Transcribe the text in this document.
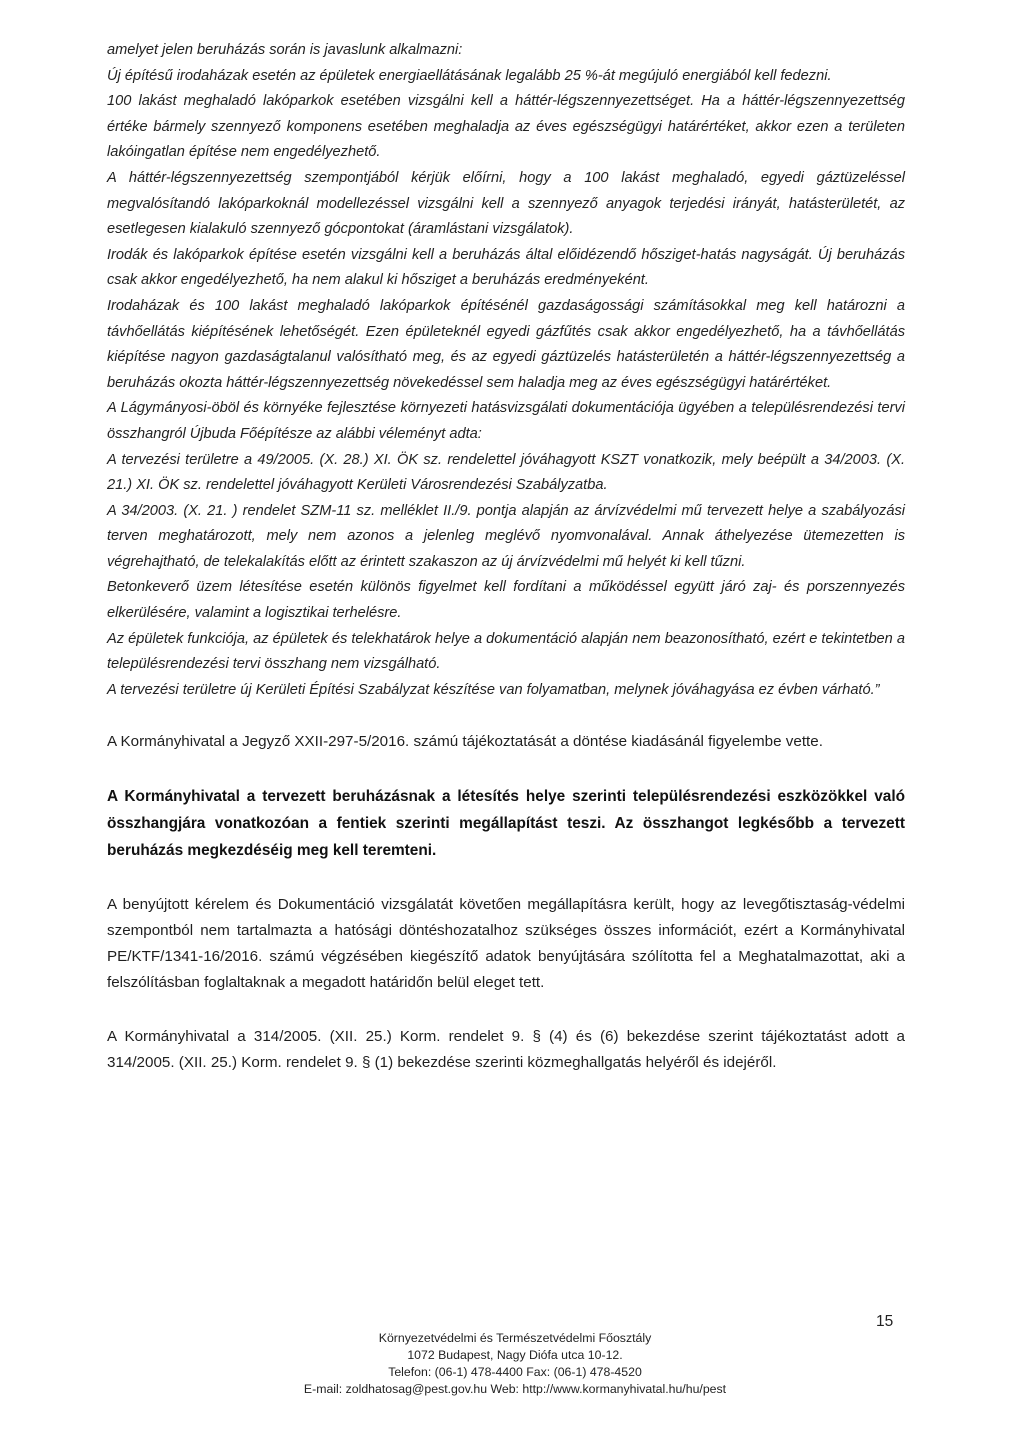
amelyet jelen beruházás során is javaslunk alkalmazni:

Új építésű irodaházak esetén az épületek energiaellátásának legalább 25 %-át megújuló energiából kell fedezni.

100 lakást meghaladó lakóparkok esetében vizsgálni kell a háttér-légszennyezettséget. Ha a háttér-légszennyezettség értéke bármely szennyező komponens esetében meghaladja az éves egészségügyi határértéket, akkor ezen a területen lakóingatlan építése nem engedélyezhető.

A háttér-légszennyezettség szempontjából kérjük előírni, hogy a 100 lakást meghaladó, egyedi gáztüzeléssel megvalósítandó lakóparkoknál modellezéssel vizsgálni kell a szennyező anyagok terjedési irányát, hatásterületét, az esetlegesen kialakuló szennyező gócpontokat (áramlástani vizsgálatok).

Irodák és lakóparkok építése esetén vizsgálni kell a beruházás által előidézendő hősziget-hatás nagyságát. Új beruházás csak akkor engedélyezhető, ha nem alakul ki hősziget a beruházás eredményeként.

Irodaházak és 100 lakást meghaladó lakóparkok építésénél gazdaságossági számításokkal meg kell határozni a távhőellátás kiépítésének lehetőségét. Ezen épületeknél egyedi gázfűtés csak akkor engedélyezhető, ha a távhőellátás kiépítése nagyon gazdaságtalanul valósítható meg, és az egyedi gáztüzelés hatásterületén a háttér-légszennyezettség a beruházás okozta háttér-légszennyezettség növekedéssel sem haladja meg az éves egészségügyi határértéket.

A Lágymányosi-öböl és környéke fejlesztése környezeti hatásvizsgálati dokumentációja ügyében a településrendezési tervi összhangról Újbuda Főépítésze az alábbi véleményt adta:

A tervezési területre a 49/2005. (X. 28.) XI. ÖK sz. rendelettel jóváhagyott KSZT vonatkozik, mely beépült a 34/2003. (X. 21.) XI. ÖK sz. rendelettel jóváhagyott Kerületi Városrendezési Szabályzatba.

A 34/2003. (X. 21. ) rendelet SZM-11 sz. melléklet II./9. pontja alapján az árvízvédelmi mű tervezett helye a szabályozási terven meghatározott, mely nem azonos a jelenleg meglévő nyomvonalával. Annak áthelyezése ütemezetten is végrehajtható, de telekalakítás előtt az érintett szakaszon az új árvízvédelmi mű helyét ki kell tűzni.

Betonkeverő üzem létesítése esetén különös figyelmet kell fordítani a működéssel együtt járó zaj- és porszennyezés elkerülésére, valamint a logisztikai terhelésre.

Az épületek funkciója, az épületek és telekhatárok helye a dokumentáció alapján nem beazonosítható, ezért e tekintetben a településrendezési tervi összhang nem vizsgálható.

A tervezési területre új Kerületi Építési Szabályzat készítése van folyamatban, melynek jóváhagyása ez évben várható.”

A Kormányhivatal a Jegyző XXII-297-5/2016. számú tájékoztatását a döntése kiadásánál figyelembe vette.

A Kormányhivatal a tervezett beruházásnak a létesítés helye szerinti településrendezési eszközökkel való összhangjára vonatkozóan a fentiek szerinti megállapítást teszi. Az összhangot legkésőbb a tervezett beruházás megkezdéséig meg kell teremteni.

A benyújtott kérelem és Dokumentáció vizsgálatát követően megállapításra került, hogy az levegőtisztaság-védelmi szempontból nem tartalmazta a hatósági döntéshozatalhoz szükséges összes információt, ezért a Kormányhivatal PE/KTF/1341-16/2016. számú végzésében kiegészítő adatok benyújtására szólította fel a Meghatalmazottat, aki a felszólításban foglaltaknak a megadott határidőn belül eleget tett.

A Kormányhivatal a 314/2005. (XII. 25.) Korm. rendelet 9. § (4) és (6) bekezdése szerint tájékoztatást adott a 314/2005. (XII. 25.) Korm. rendelet 9. § (1) bekezdése szerinti közmeghallgatás helyéről és idejéről.

15
Környezetvédelmi és Természetvédelmi Főosztály
1072 Budapest, Nagy Diófa utca 10-12.
Telefon: (06-1) 478-4400 Fax: (06-1) 478-4520
E-mail: zoldhatosag@pest.gov.hu Web: http://www.kormanyhivatal.hu/hu/pest
